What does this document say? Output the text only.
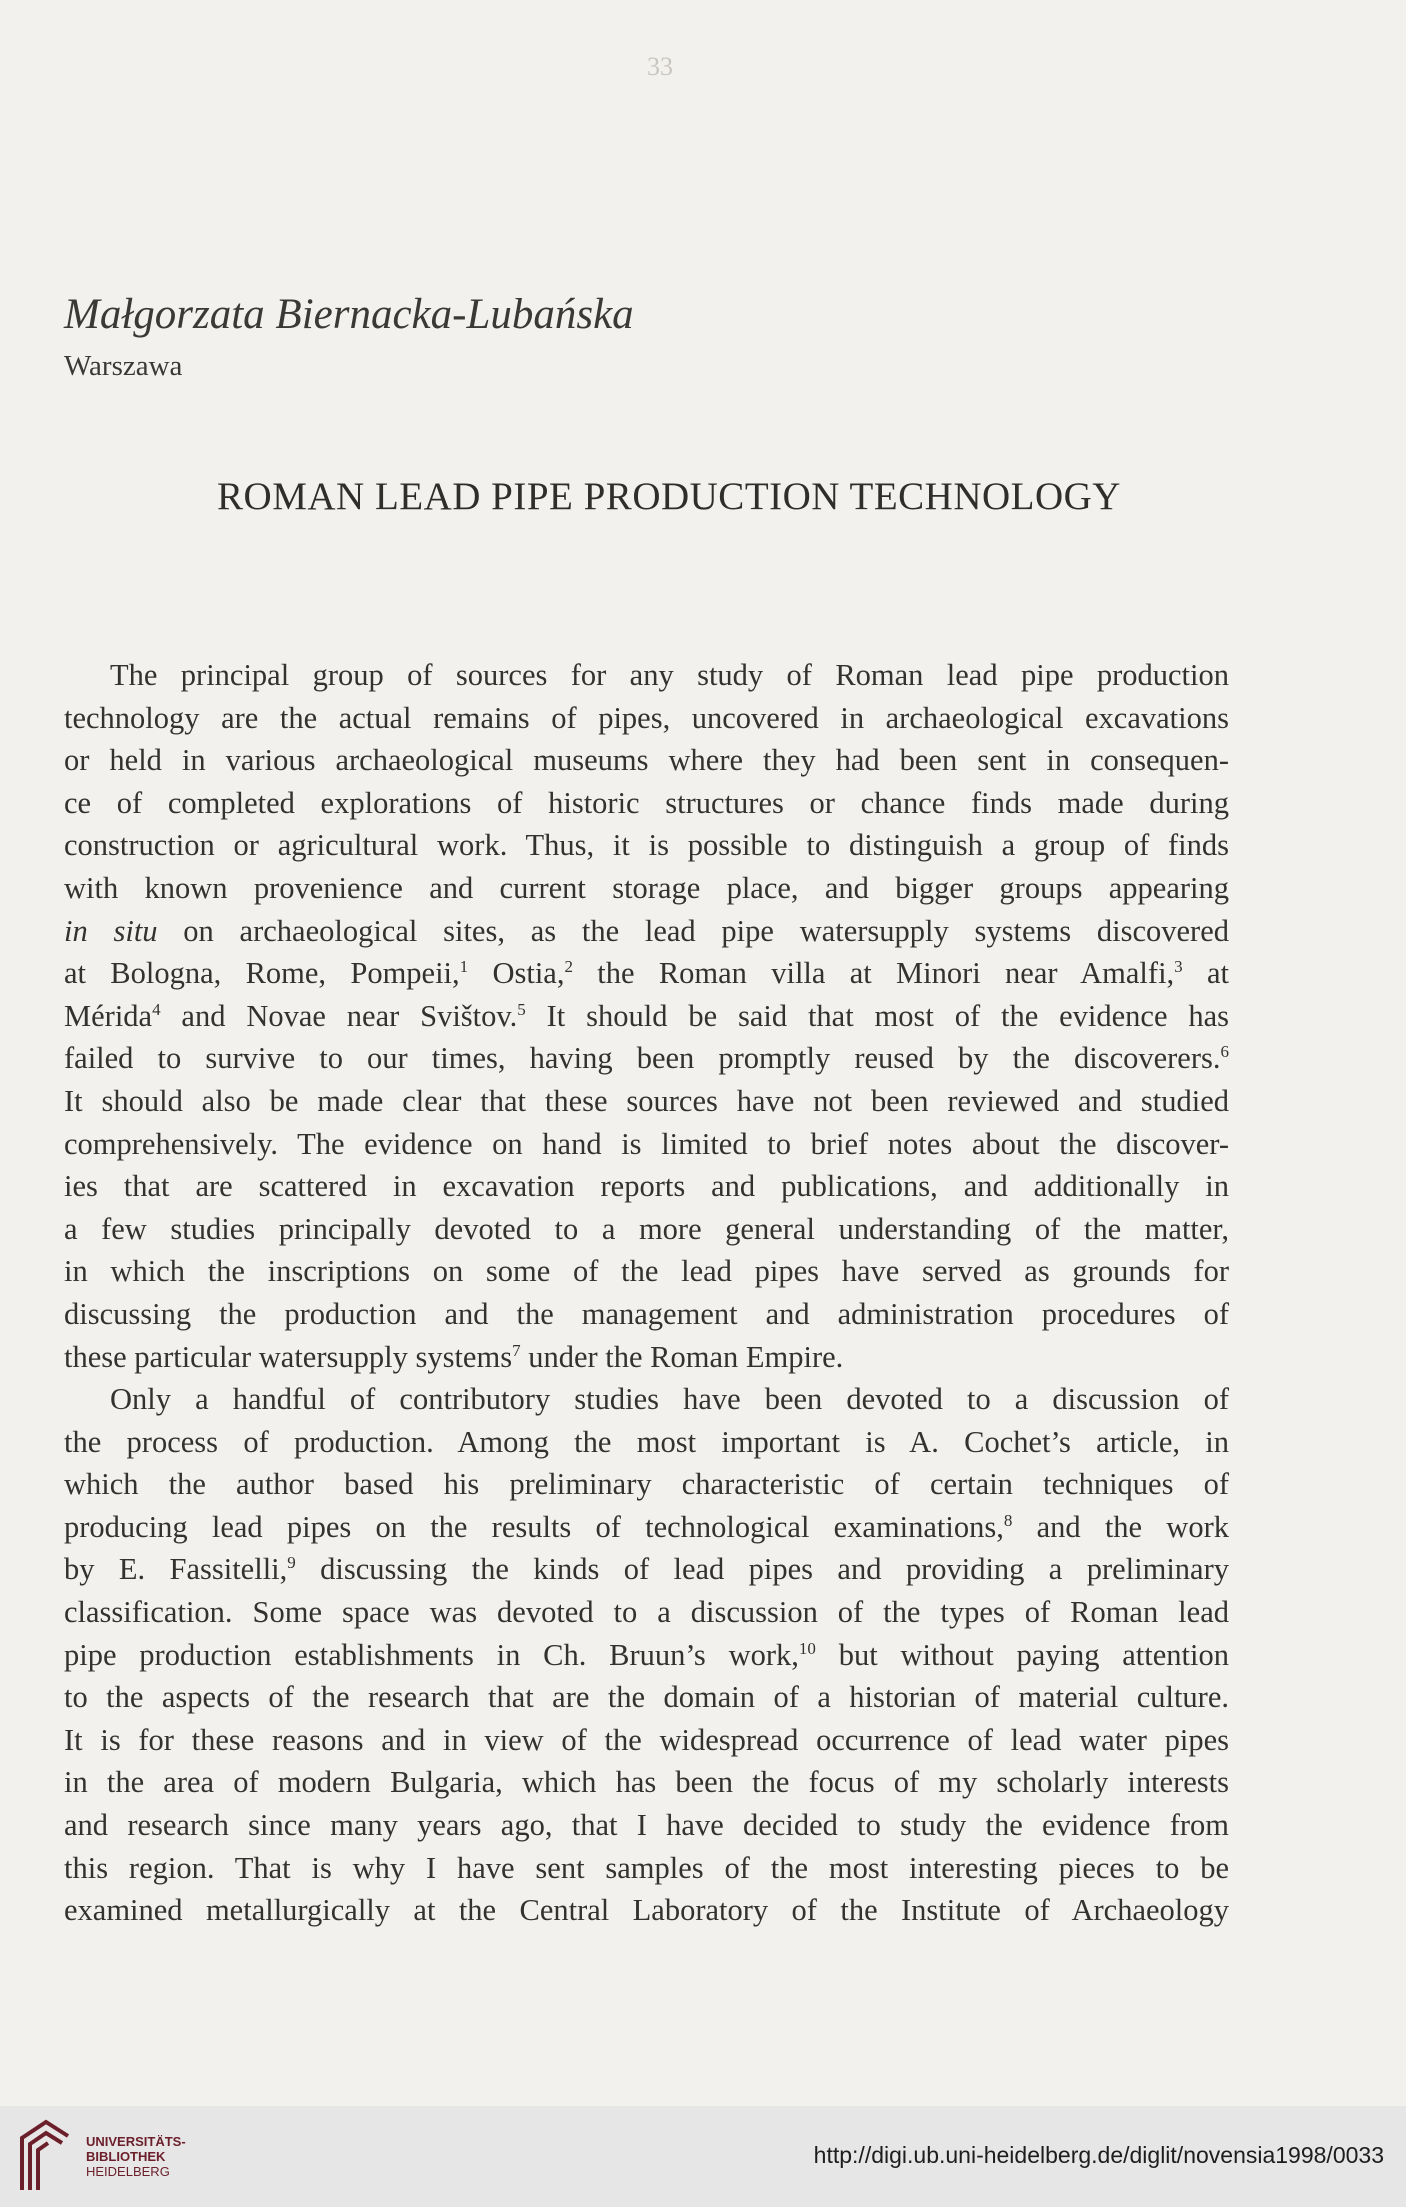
33
Małgorzata Biernacka-Lubańska
Warszawa
ROMAN LEAD PIPE PRODUCTION TECHNOLOGY

The principal group of sources for any study of Roman lead pipe production
technology are the actual remains of pipes, uncovered in archaeological excavations
or held in various archaeological museums where they had been sent in consequen-
ce of completed explorations of historic structures or chance finds made during
construction or agricultural work. Thus, it is possible to distinguish a group of finds
with known provenience and current storage place, and bigger groups appearing
in situ on archaeological sites, as the lead pipe watersupply systems discovered
at Bologna, Rome, Pompeii,$^1$ Ostia,$^2$ the Roman villa at Minori near Amalfi,$^3$ at
Mérida$^4$ and Novae near Svištov.$^5$ It should be said that most of the evidence has
failed to survive to our times, having been promptly reused by the discoverers.$^6$
It should also be made clear that these sources have not been reviewed and studied
comprehensively. The evidence on hand is limited to brief notes about the discover-
ies that are scattered in excavation reports and publications, and additionally in
a few studies principally devoted to a more general understanding of the matter,
in which the inscriptions on some of the lead pipes have served as grounds for
discussing the production and the management and administration procedures of
these particular watersupply systems$^7$ under the Roman Empire.

Only a handful of contributory studies have been devoted to a discussion of
the process of production. Among the most important is A. Cochet’s article, in
which the author based his preliminary characteristic of certain techniques of
producing lead pipes on the results of technological examinations,$^8$ and the work
by E. Fassitelli,$^9$ discussing the kinds of lead pipes and providing a preliminary
classification. Some space was devoted to a discussion of the types of Roman lead
pipe production establishments in Ch. Bruun’s work,$^{10}$ but without paying attention
to the aspects of the research that are the domain of a historian of material culture.
It is for these reasons and in view of the widespread occurrence of lead water pipes
in the area of modern Bulgaria, which has been the focus of my scholarly interests
and research since many years ago, that I have decided to study the evidence from
this region. That is why I have sent samples of the most interesting pieces to be
examined metallurgically at the Central Laboratory of the Institute of Archaeology

UNIVERSITÄTS-
BIBLIOTHEK
HEIDELBERG
http://digi.ub.uni-heidelberg.de/diglit/novensia1998/0033
